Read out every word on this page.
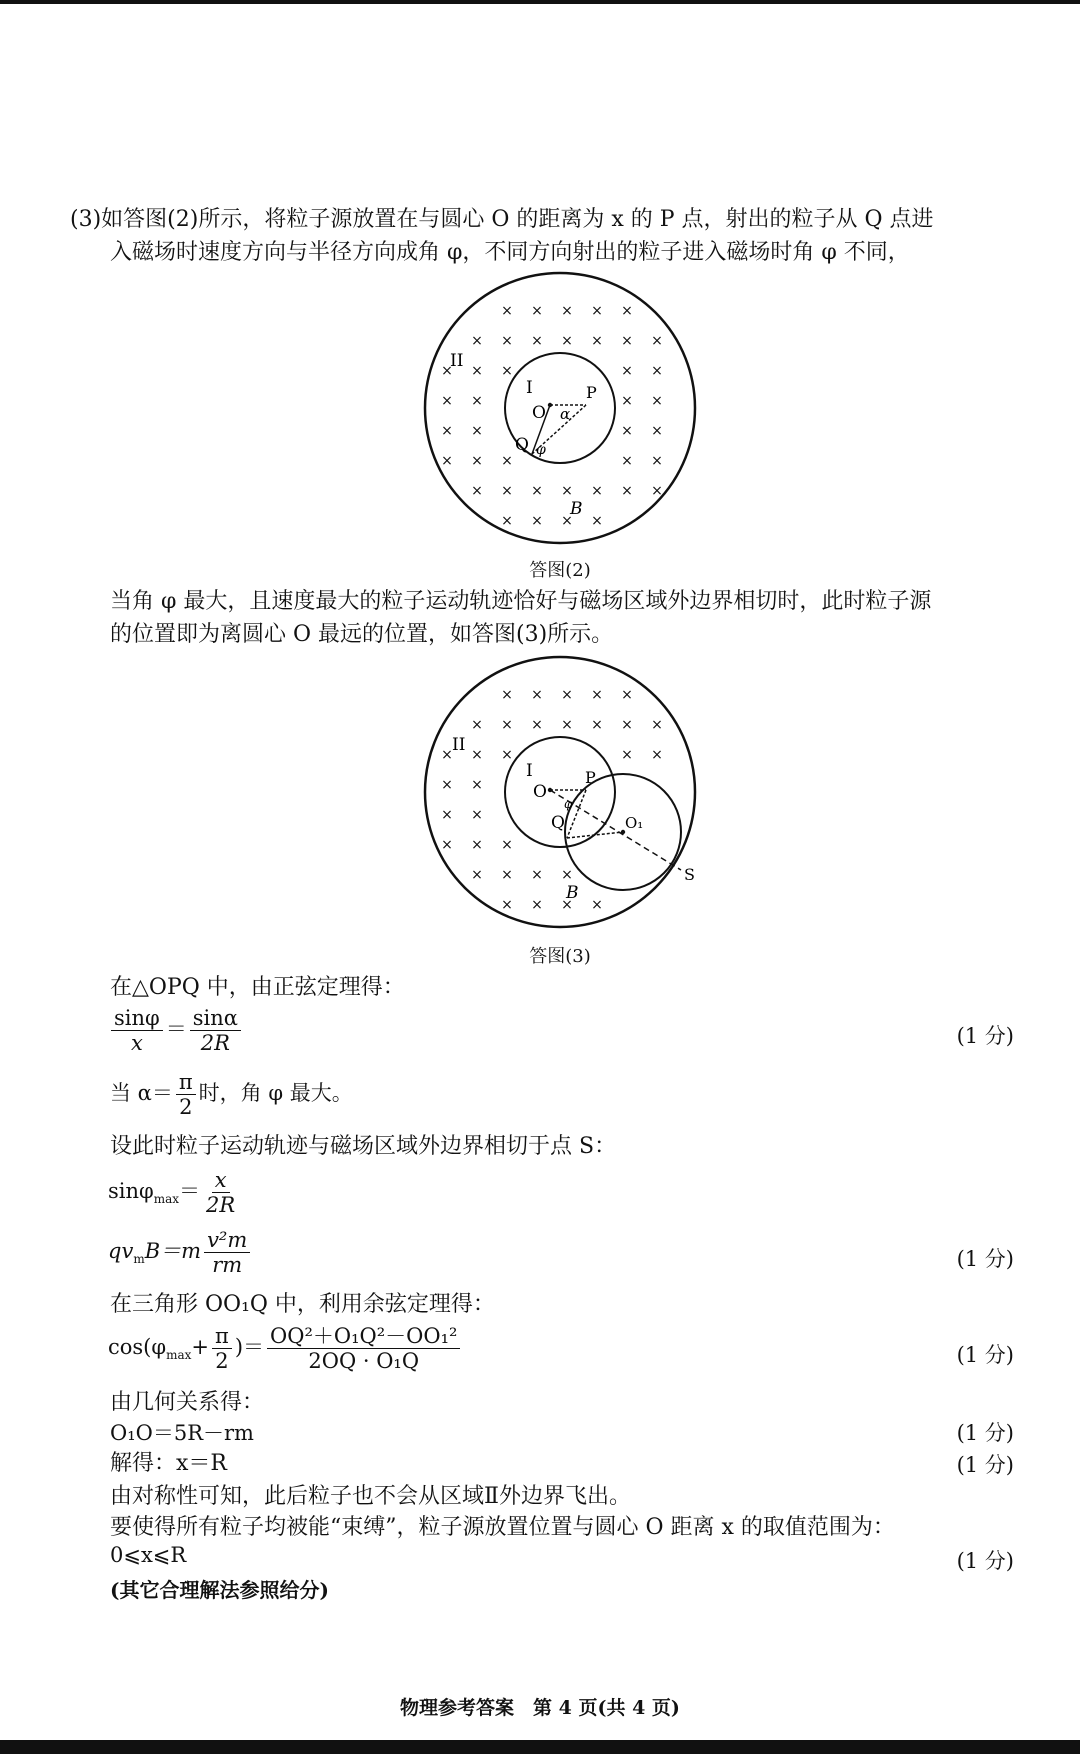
(3)如答图(2)所示，将粒子源放置在与圆心 O 的距离为 x 的 P 点，射出的粒子从 Q 点进
入磁场时速度方向与半径方向成角 φ，不同方向射出的粒子进入磁场时角 φ 不同，
× × × × ×
× × × × × × ×
× × ×	× ×
× ×	× ×
× ×	× ×
× × ×	× ×
× × × × × × ×
× × × ×
II
I
O
P
α
Q φ
B
答图(2)
当角 φ 最大，且速度最大的粒子运动轨迹恰好与磁场区域外边界相切时，此时粒子源
的位置即为离圆心 O 最远的位置，如答图(3)所示。
× × × × ×
× × × × × × ×
× × ×	× ×
× ×
× ×
× × ×
× × × ×
× × × ×
II
I
O
P
φ
Q	O₁
S
B
答图(3)
在△OPQ 中，由正弦定理得：
$\frac{\sin\varphi}{x} = \frac{\sin\alpha}{2R}$	(1 分)
当 $\alpha= \frac{\pi}{2}$ 时，角 φ 最大。
设此时粒子运动轨迹与磁场区域外边界相切于点 S：
$\sin\varphi_{max}= \frac{x}{2R}$
$qv_mB=m \frac{\text{v²m}}{rm}$	(1 分)
在三角形 OO₁Q 中，利用余弦定理得：
$\cos(\varphi_{max}+ \frac{\pi}{2}$ )＝ $\frac{\text{OQ²＋O₁Q²－OO₁²}}{\text{2OQ · O₁Q}}$	(1 分)
由几何关系得：
O₁O＝5R－rm	(1 分)
解得：x＝R	(1 分)
由对称性可知，此后粒子也不会从区域Ⅱ外边界飞出。
要使得所有粒子均被能“束缚”，粒子源放置位置与圆心 O 距离 x 的取值范围为：
0⩽x⩽R	(1 分)
(其它合理解法参照给分)
物理参考答案　第 4 页(共 4 页)
